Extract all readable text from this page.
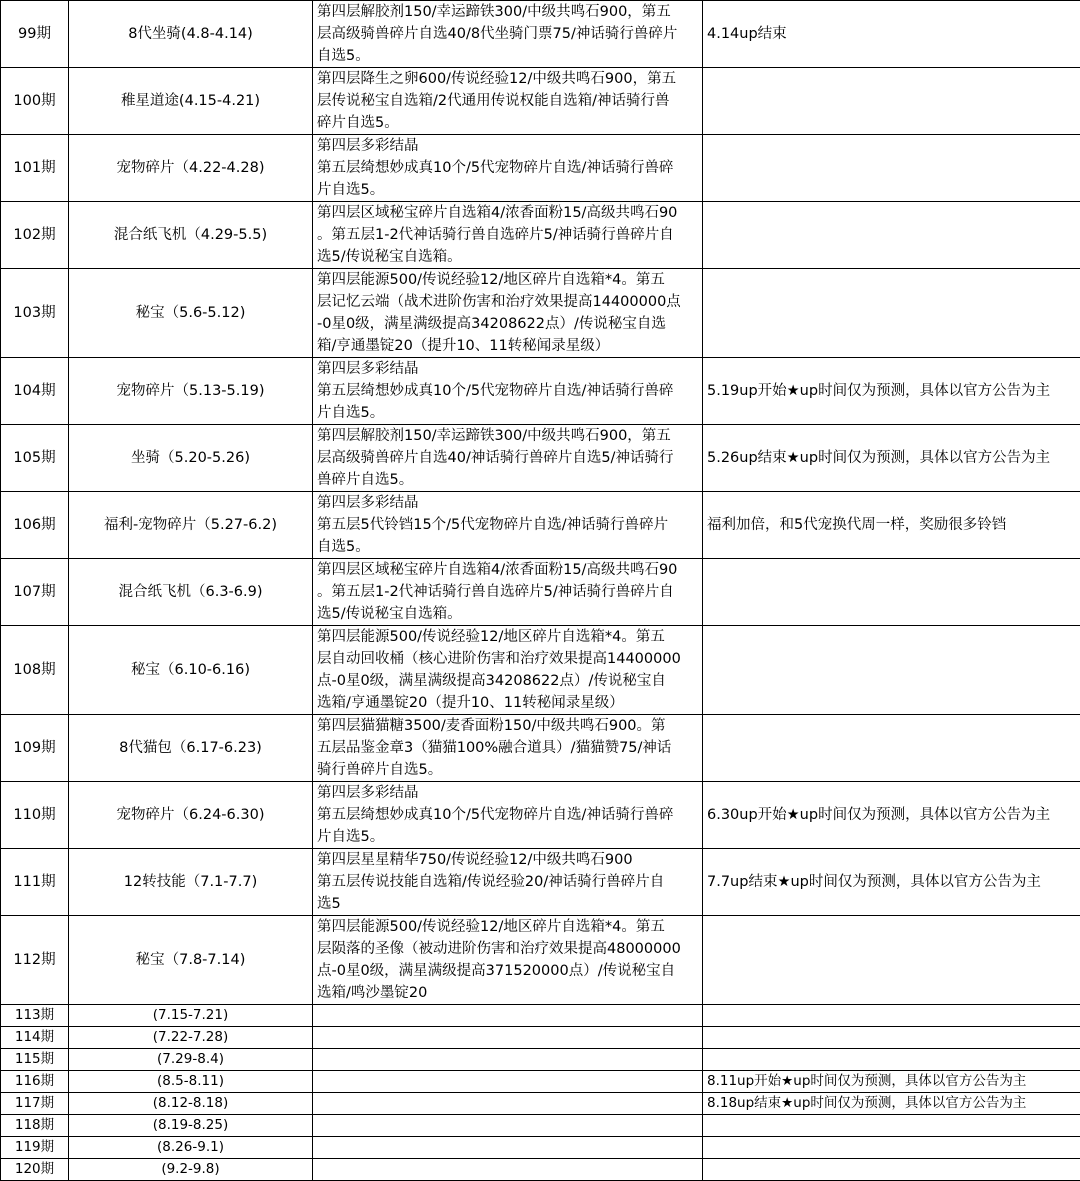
99期	8代坐骑(4.8-4.14)	第四层解胶剂150/幸运蹄铁300/中级共鸣石900，第五
层高级骑兽碎片自选40/8代坐骑门票75/神话骑行兽碎片
自选5。	4.14up结束
100期	稚星道途(4.15-4.21)	第四层降生之卵600/传说经验12/中级共鸣石900，第五
层传说秘宝自选箱/2代通用传说权能自选箱/神话骑行兽
碎片自选5。	
101期	宠物碎片（4.22-4.28)	第四层多彩结晶
第五层绮想妙成真10个/5代宠物碎片自选/神话骑行兽碎
片自选5。	
102期	混合纸飞机（4.29-5.5)	第四层区域秘宝碎片自选箱4/浓香面粉15/高级共鸣石90
。第五层1-2代神话骑行兽自选碎片5/神话骑行兽碎片自
选5/传说秘宝自选箱。	
103期	秘宝（5.6-5.12)	第四层能源500/传说经验12/地区碎片自选箱*4。第五
层记忆云端（战术进阶伤害和治疗效果提高14400000点
-0星0级，满星满级提高34208622点）/传说秘宝自选
箱/亨通墨锭20（提升10、11转秘闻录星级）	
104期	宠物碎片（5.13-5.19)	第四层多彩结晶
第五层绮想妙成真10个/5代宠物碎片自选/神话骑行兽碎
片自选5。	5.19up开始★up时间仅为预测，具体以官方公告为主
105期	坐骑（5.20-5.26)	第四层解胶剂150/幸运蹄铁300/中级共鸣石900，第五
层高级骑兽碎片自选40/神话骑行兽碎片自选5/神话骑行
兽碎片自选5。	5.26up结束★up时间仅为预测，具体以官方公告为主
106期	福利-宠物碎片（5.27-6.2)	第四层多彩结晶
第五层5代铃铛15个/5代宠物碎片自选/神话骑行兽碎片
自选5。	福利加倍，和5代宠换代周一样，奖励很多铃铛
107期	混合纸飞机（6.3-6.9)	第四层区域秘宝碎片自选箱4/浓香面粉15/高级共鸣石90
。第五层1-2代神话骑行兽自选碎片5/神话骑行兽碎片自
选5/传说秘宝自选箱。	
108期	秘宝（6.10-6.16)	第四层能源500/传说经验12/地区碎片自选箱*4。第五
层自动回收桶（核心进阶伤害和治疗效果提高14400000
点-0星0级，满星满级提高34208622点）/传说秘宝自
选箱/亨通墨锭20（提升10、11转秘闻录星级）	
109期	8代猫包（6.17-6.23)	第四层猫猫糖3500/麦香面粉150/中级共鸣石900。第
五层品鉴金章3（猫猫100%融合道具）/猫猫赞75/神话
骑行兽碎片自选5。	
110期	宠物碎片（6.24-6.30)	第四层多彩结晶
第五层绮想妙成真10个/5代宠物碎片自选/神话骑行兽碎
片自选5。	6.30up开始★up时间仅为预测，具体以官方公告为主
111期	12转技能（7.1-7.7)	第四层星星精华750/传说经验12/中级共鸣石900
第五层传说技能自选箱/传说经验20/神话骑行兽碎片自
选5	7.7up结束★up时间仅为预测，具体以官方公告为主
112期	秘宝（7.8-7.14)	第四层能源500/传说经验12/地区碎片自选箱*4。第五
层陨落的圣像（被动进阶伤害和治疗效果提高48000000
点-0星0级，满星满级提高371520000点）/传说秘宝自
选箱/鸣沙墨锭20	
113期	(7.15-7.21)		
114期	(7.22-7.28)		
115期	(7.29-8.4)		
116期	(8.5-8.11)		8.11up开始★up时间仅为预测，具体以官方公告为主
117期	(8.12-8.18)		8.18up结束★up时间仅为预测，具体以官方公告为主
118期	(8.19-8.25)		
119期	(8.26-9.1)		
120期	(9.2-9.8)		
